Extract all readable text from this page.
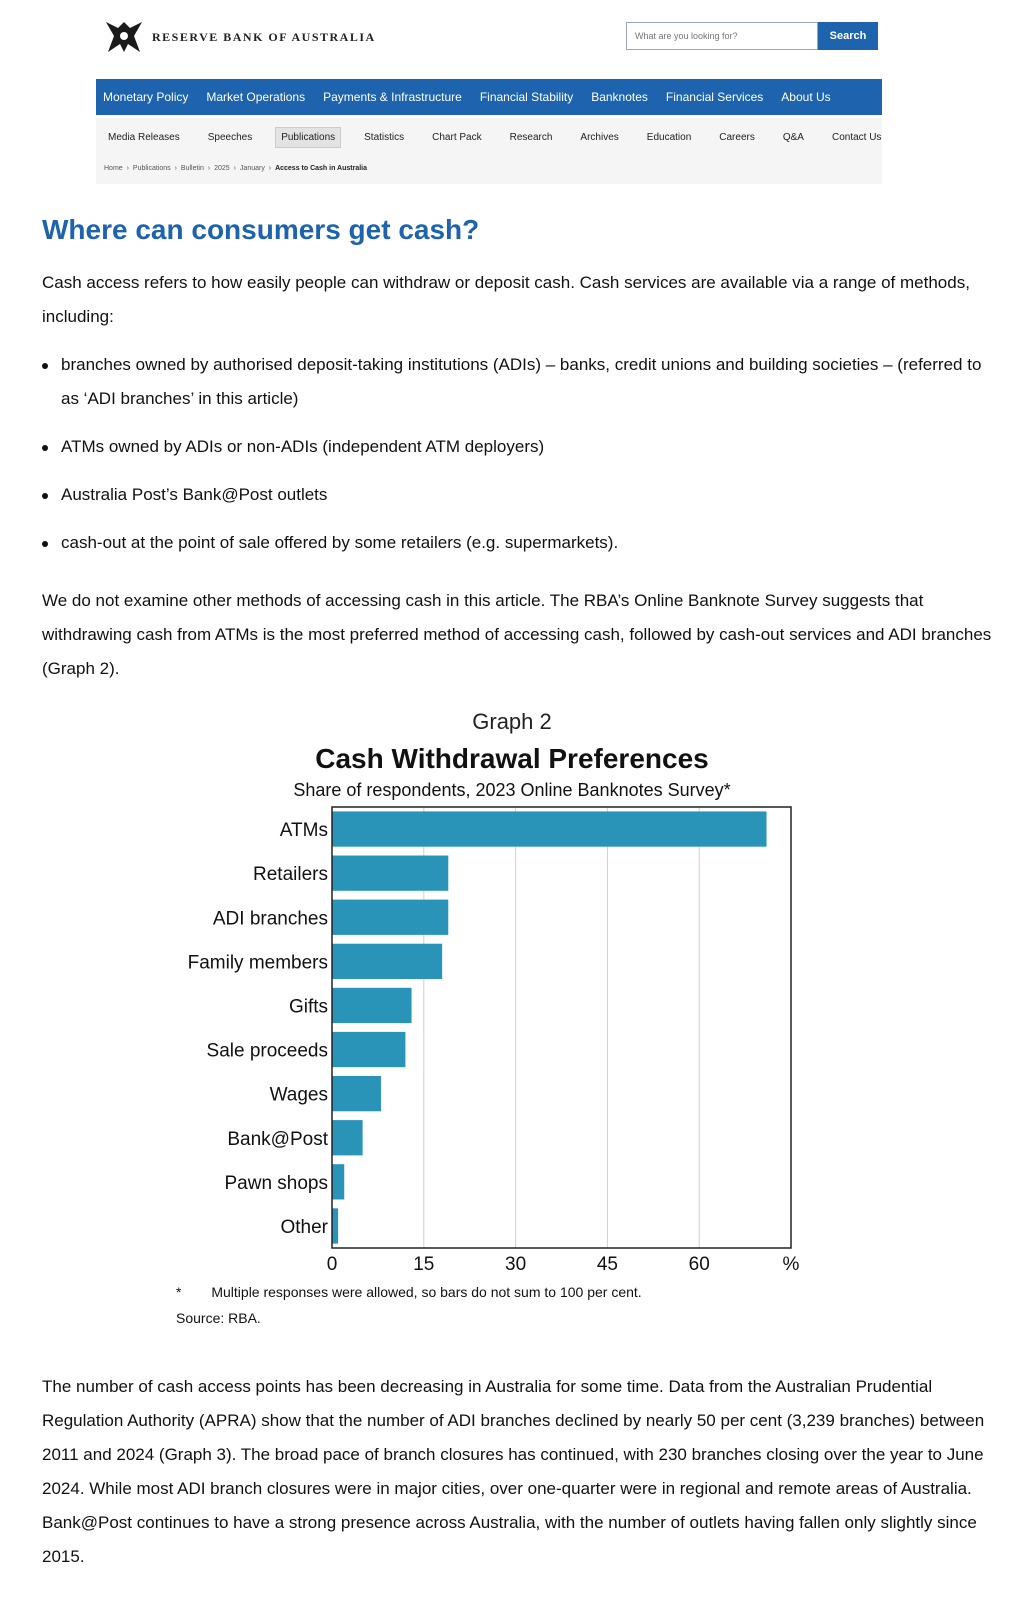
RESERVE BANK OF AUSTRALIA
What are you looking for?	Search
Monetary Policy Market Operations Payments & Infrastructure Financial Stability Banknotes Financial Services About Us
Media Releases	Speeches	Publications	Statistics	Chart Pack	Research	Archives	Education	Careers	Q&A	Contact Us
Home › Publications › Bulletin › 2025 › January › Access to Cash in Australia
Where can consumers get cash?

Cash access refers to how easily people can withdraw or deposit cash. Cash services are available via a range of methods, including:

branches owned by authorised deposit-taking institutions (ADIs) – banks, credit unions and building societies – (referred to as ‘ADI branches’ in this article)
ATMs owned by ADIs or non-ADIs (independent ATM deployers)
Australia Post’s Bank@Post outlets
cash-out at the point of sale offered by some retailers (e.g. supermarkets).

We do not examine other methods of accessing cash in this article. The RBA’s Online Banknote Survey suggests that withdrawing cash from ATMs is the most preferred method of accessing cash, followed by cash-out services and ADI branches (Graph 2).

Graph 2
Cash Withdrawal Preferences
Share of respondents, 2023 Online Banknotes Survey*
ATMs
Retailers
ADI branches
Family members
Gifts
Sale proceeds
Wages
Bank@Post
Pawn shops
Other
0	15	30	45	60	%
* Multiple responses were allowed, so bars do not sum to 100 per cent.
Source: RBA.

The number of cash access points has been decreasing in Australia for some time. Data from the Australian Prudential Regulation Authority (APRA) show that the number of ADI branches declined by nearly 50 per cent (3,239 branches) between 2011 and 2024 (Graph 3). The broad pace of branch closures has continued, with 230 branches closing over the year to June 2024. While most ADI branch closures were in major cities, over one-quarter were in regional and remote areas of Australia. Bank@Post continues to have a strong presence across Australia, with the number of outlets having fallen only slightly since 2015.
